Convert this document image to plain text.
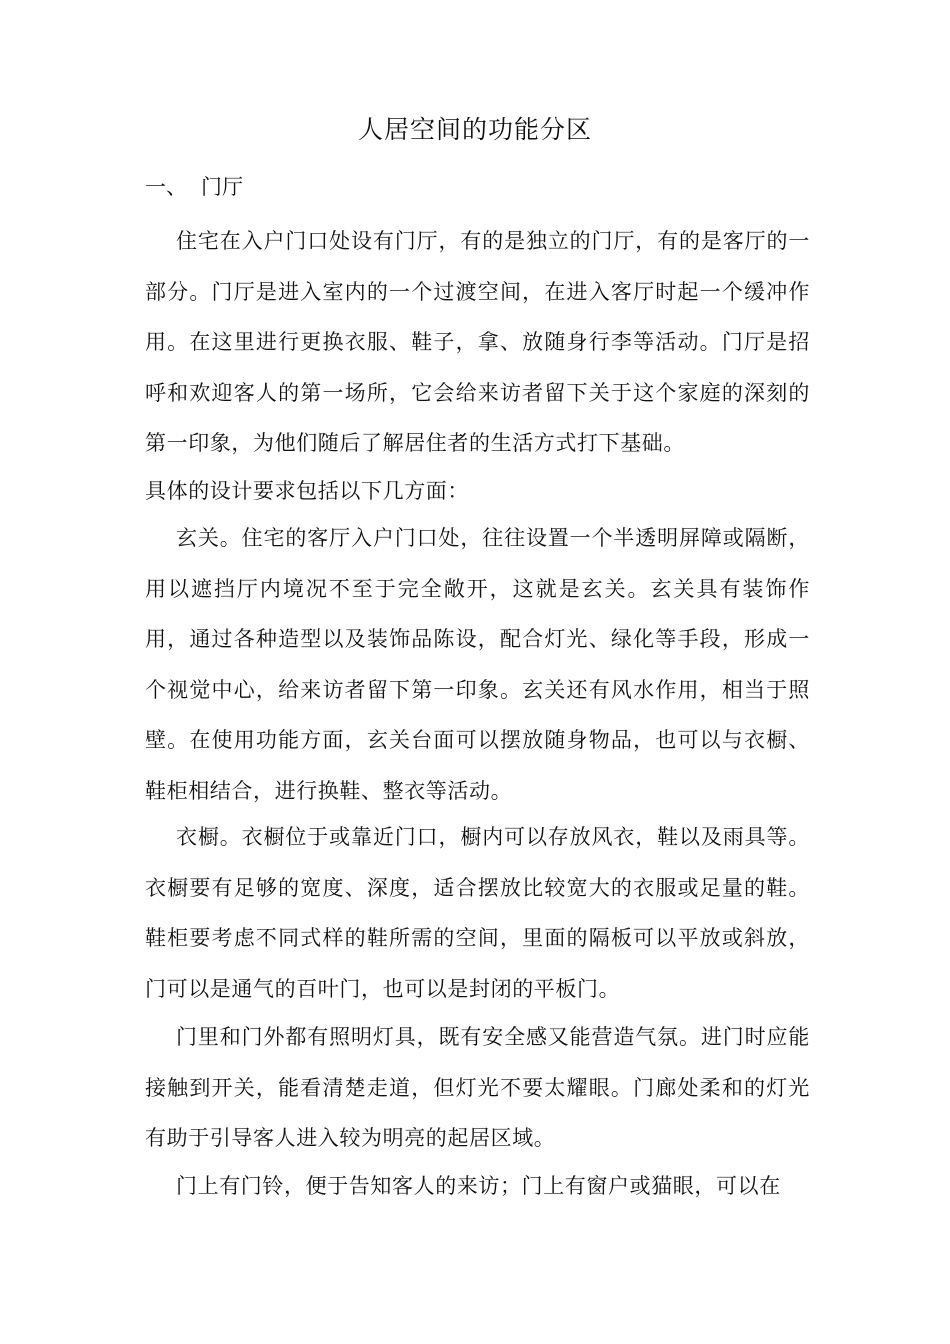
人居空间的功能分区
一、 门厅

住宅在入户门口处设有门厅，有的是独立的门厅，有的是客厅的一部分。门厅是进入室内的一个过渡空间，在进入客厅时起一个缓冲作用。在这里进行更换衣服、鞋子，拿、放随身行李等活动。门厅是招呼和欢迎客人的第一场所，它会给来访者留下关于这个家庭的深刻的第一印象，为他们随后了解居住者的生活方式打下基础。

具体的设计要求包括以下几方面：

玄关。住宅的客厅入户门口处，往往设置一个半透明屏障或隔断，用以遮挡厅内境况不至于完全敞开，这就是玄关。玄关具有装饰作用，通过各种造型以及装饰品陈设，配合灯光、绿化等手段，形成一个视觉中心，给来访者留下第一印象。玄关还有风水作用，相当于照壁。在使用功能方面，玄关台面可以摆放随身物品，也可以与衣橱、鞋柜相结合，进行换鞋、整衣等活动。

衣橱。衣橱位于或靠近门口，橱内可以存放风衣，鞋以及雨具等。衣橱要有足够的宽度、深度，适合摆放比较宽大的衣服或足量的鞋。鞋柜要考虑不同式样的鞋所需的空间，里面的隔板可以平放或斜放，门可以是通气的百叶门，也可以是封闭的平板门。

门里和门外都有照明灯具，既有安全感又能营造气氛。进门时应能接触到开关，能看清楚走道，但灯光不要太耀眼。门廊处柔和的灯光有助于引导客人进入较为明亮的起居区域。

门上有门铃，便于告知客人的来访；门上有窗户或猫眼，可以在
